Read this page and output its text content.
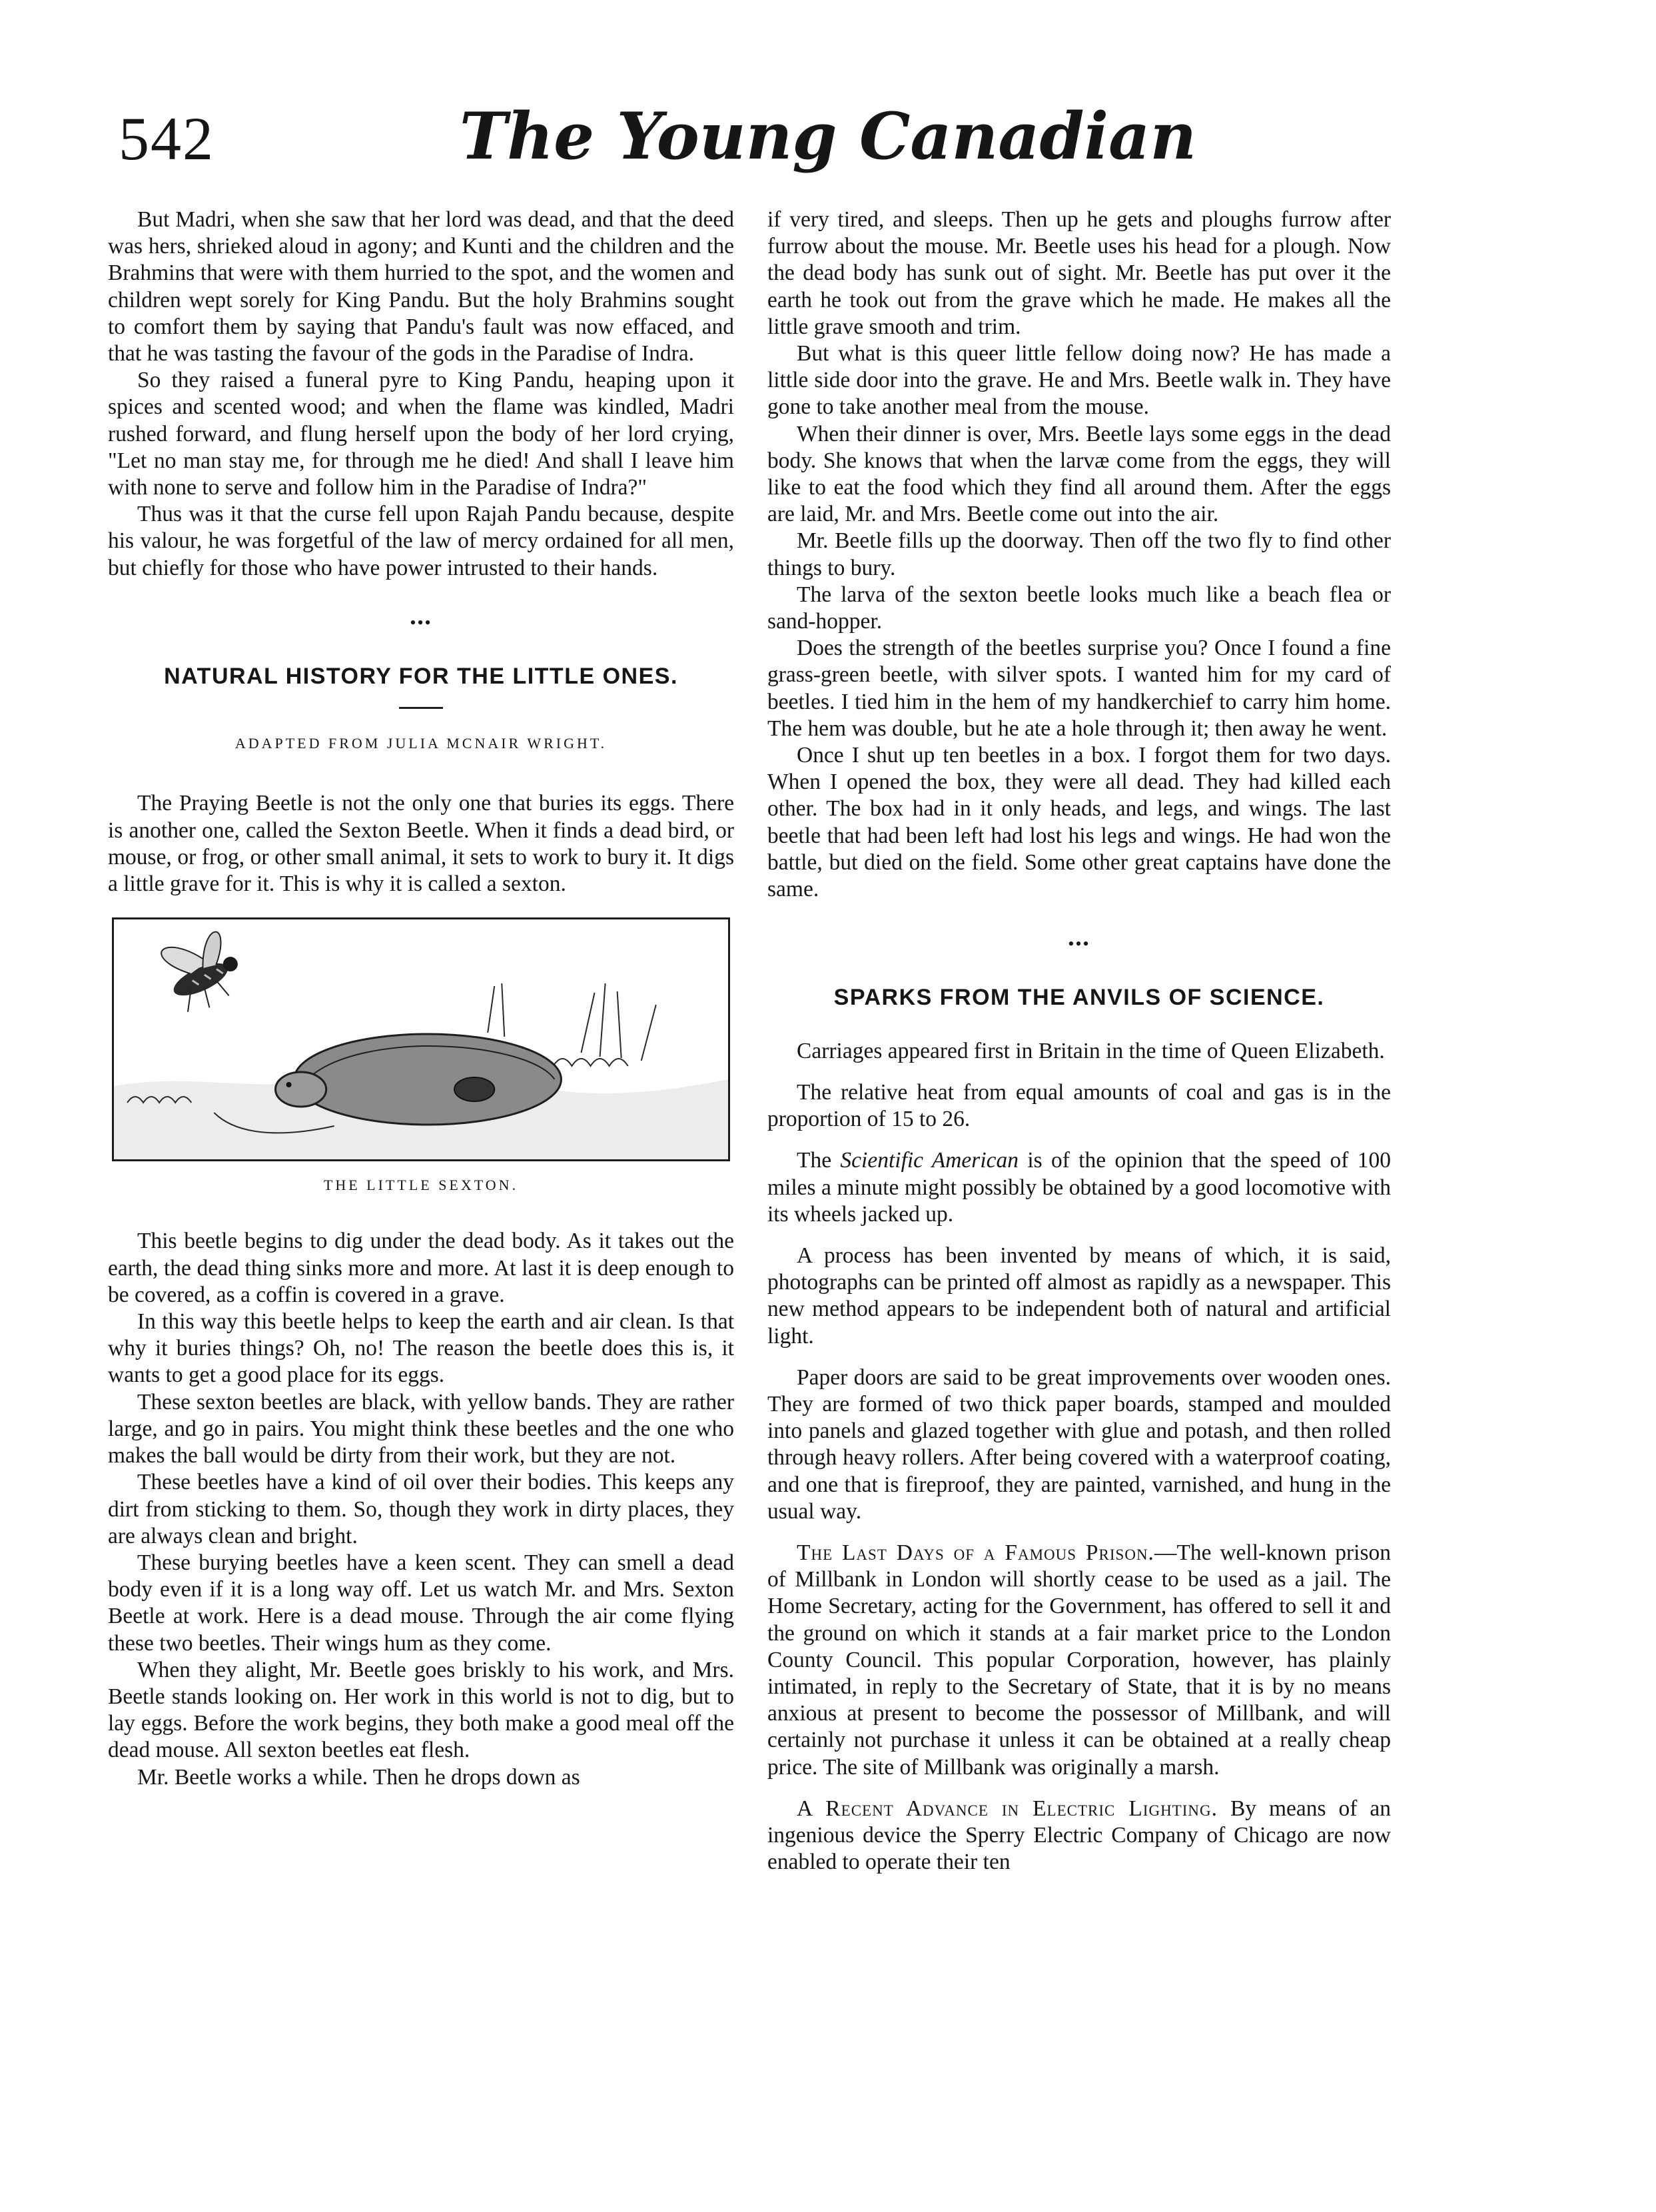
542	The Young Canadian

But Madri, when she saw that her lord was dead, and that the deed was hers, shrieked aloud in agony; and Kunti and the children and the Brahmins that were with them hurried to the spot, and the women and children wept sorely for King Pandu. But the holy Brahmins sought to comfort them by saying that Pandu's fault was now effaced, and that he was tasting the favour of the gods in the Paradise of Indra.

So they raised a funeral pyre to King Pandu, heaping upon it spices and scented wood; and when the flame was kindled, Madri rushed forward, and flung herself upon the body of her lord crying, "Let no man stay me, for through me he died! And shall I leave him with none to serve and follow him in the Paradise of Indra?"

Thus was it that the curse fell upon Rajah Pandu because, despite his valour, he was forgetful of the law of mercy ordained for all men, but chiefly for those who have power intrusted to their hands.

•••
NATURAL HISTORY FOR THE LITTLE ONES.
ADAPTED FROM JULIA MCNAIR WRIGHT.

The Praying Beetle is not the only one that buries its eggs. There is another one, called the Sexton Beetle. When it finds a dead bird, or mouse, or frog, or other small animal, it sets to work to bury it. It digs a little grave for it. This is why it is called a sexton.

THE LITTLE SEXTON.

This beetle begins to dig under the dead body. As it takes out the earth, the dead thing sinks more and more. At last it is deep enough to be covered, as a coffin is covered in a grave.

In this way this beetle helps to keep the earth and air clean. Is that why it buries things? Oh, no! The reason the beetle does this is, it wants to get a good place for its eggs.

These sexton beetles are black, with yellow bands. They are rather large, and go in pairs. You might think these beetles and the one who makes the ball would be dirty from their work, but they are not.

These beetles have a kind of oil over their bodies. This keeps any dirt from sticking to them. So, though they work in dirty places, they are always clean and bright.

These burying beetles have a keen scent. They can smell a dead body even if it is a long way off. Let us watch Mr. and Mrs. Sexton Beetle at work. Here is a dead mouse. Through the air come flying these two beetles. Their wings hum as they come.

When they alight, Mr. Beetle goes briskly to his work, and Mrs. Beetle stands looking on. Her work in this world is not to dig, but to lay eggs. Before the work begins, they both make a good meal off the dead mouse. All sexton beetles eat flesh.

Mr. Beetle works a while. Then he drops down as

if very tired, and sleeps. Then up he gets and ploughs furrow after furrow about the mouse. Mr. Beetle uses his head for a plough. Now the dead body has sunk out of sight. Mr. Beetle has put over it the earth he took out from the grave which he made. He makes all the little grave smooth and trim.

But what is this queer little fellow doing now? He has made a little side door into the grave. He and Mrs. Beetle walk in. They have gone to take another meal from the mouse.

When their dinner is over, Mrs. Beetle lays some eggs in the dead body. She knows that when the larvæ come from the eggs, they will like to eat the food which they find all around them. After the eggs are laid, Mr. and Mrs. Beetle come out into the air.

Mr. Beetle fills up the doorway. Then off the two fly to find other things to bury.

The larva of the sexton beetle looks much like a beach flea or sand-hopper.

Does the strength of the beetles surprise you? Once I found a fine grass-green beetle, with silver spots. I wanted him for my card of beetles. I tied him in the hem of my handkerchief to carry him home. The hem was double, but he ate a hole through it; then away he went.

Once I shut up ten beetles in a box. I forgot them for two days. When I opened the box, they were all dead. They had killed each other. The box had in it only heads, and legs, and wings. The last beetle that had been left had lost his legs and wings. He had won the battle, but died on the field. Some other great captains have done the same.

•••
SPARKS FROM THE ANVILS OF SCIENCE.

Carriages appeared first in Britain in the time of Queen Elizabeth.

The relative heat from equal amounts of coal and gas is in the proportion of 15 to 26.

The Scientific American is of the opinion that the speed of 100 miles a minute might possibly be obtained by a good locomotive with its wheels jacked up.

A process has been invented by means of which, it is said, photographs can be printed off almost as rapidly as a newspaper. This new method appears to be independent both of natural and artificial light.

Paper doors are said to be great improvements over wooden ones. They are formed of two thick paper boards, stamped and moulded into panels and glazed together with glue and potash, and then rolled through heavy rollers. After being covered with a waterproof coating, and one that is fireproof, they are painted, varnished, and hung in the usual way.

The Last Days of a Famous Prison.—The well-known prison of Millbank in London will shortly cease to be used as a jail. The Home Secretary, acting for the Government, has offered to sell it and the ground on which it stands at a fair market price to the London County Council. This popular Corporation, however, has plainly intimated, in reply to the Secretary of State, that it is by no means anxious at present to become the possessor of Millbank, and will certainly not purchase it unless it can be obtained at a really cheap price. The site of Millbank was originally a marsh.

A Recent Advance in Electric Lighting. By means of an ingenious device the Sperry Electric Company of Chicago are now enabled to operate their ten
